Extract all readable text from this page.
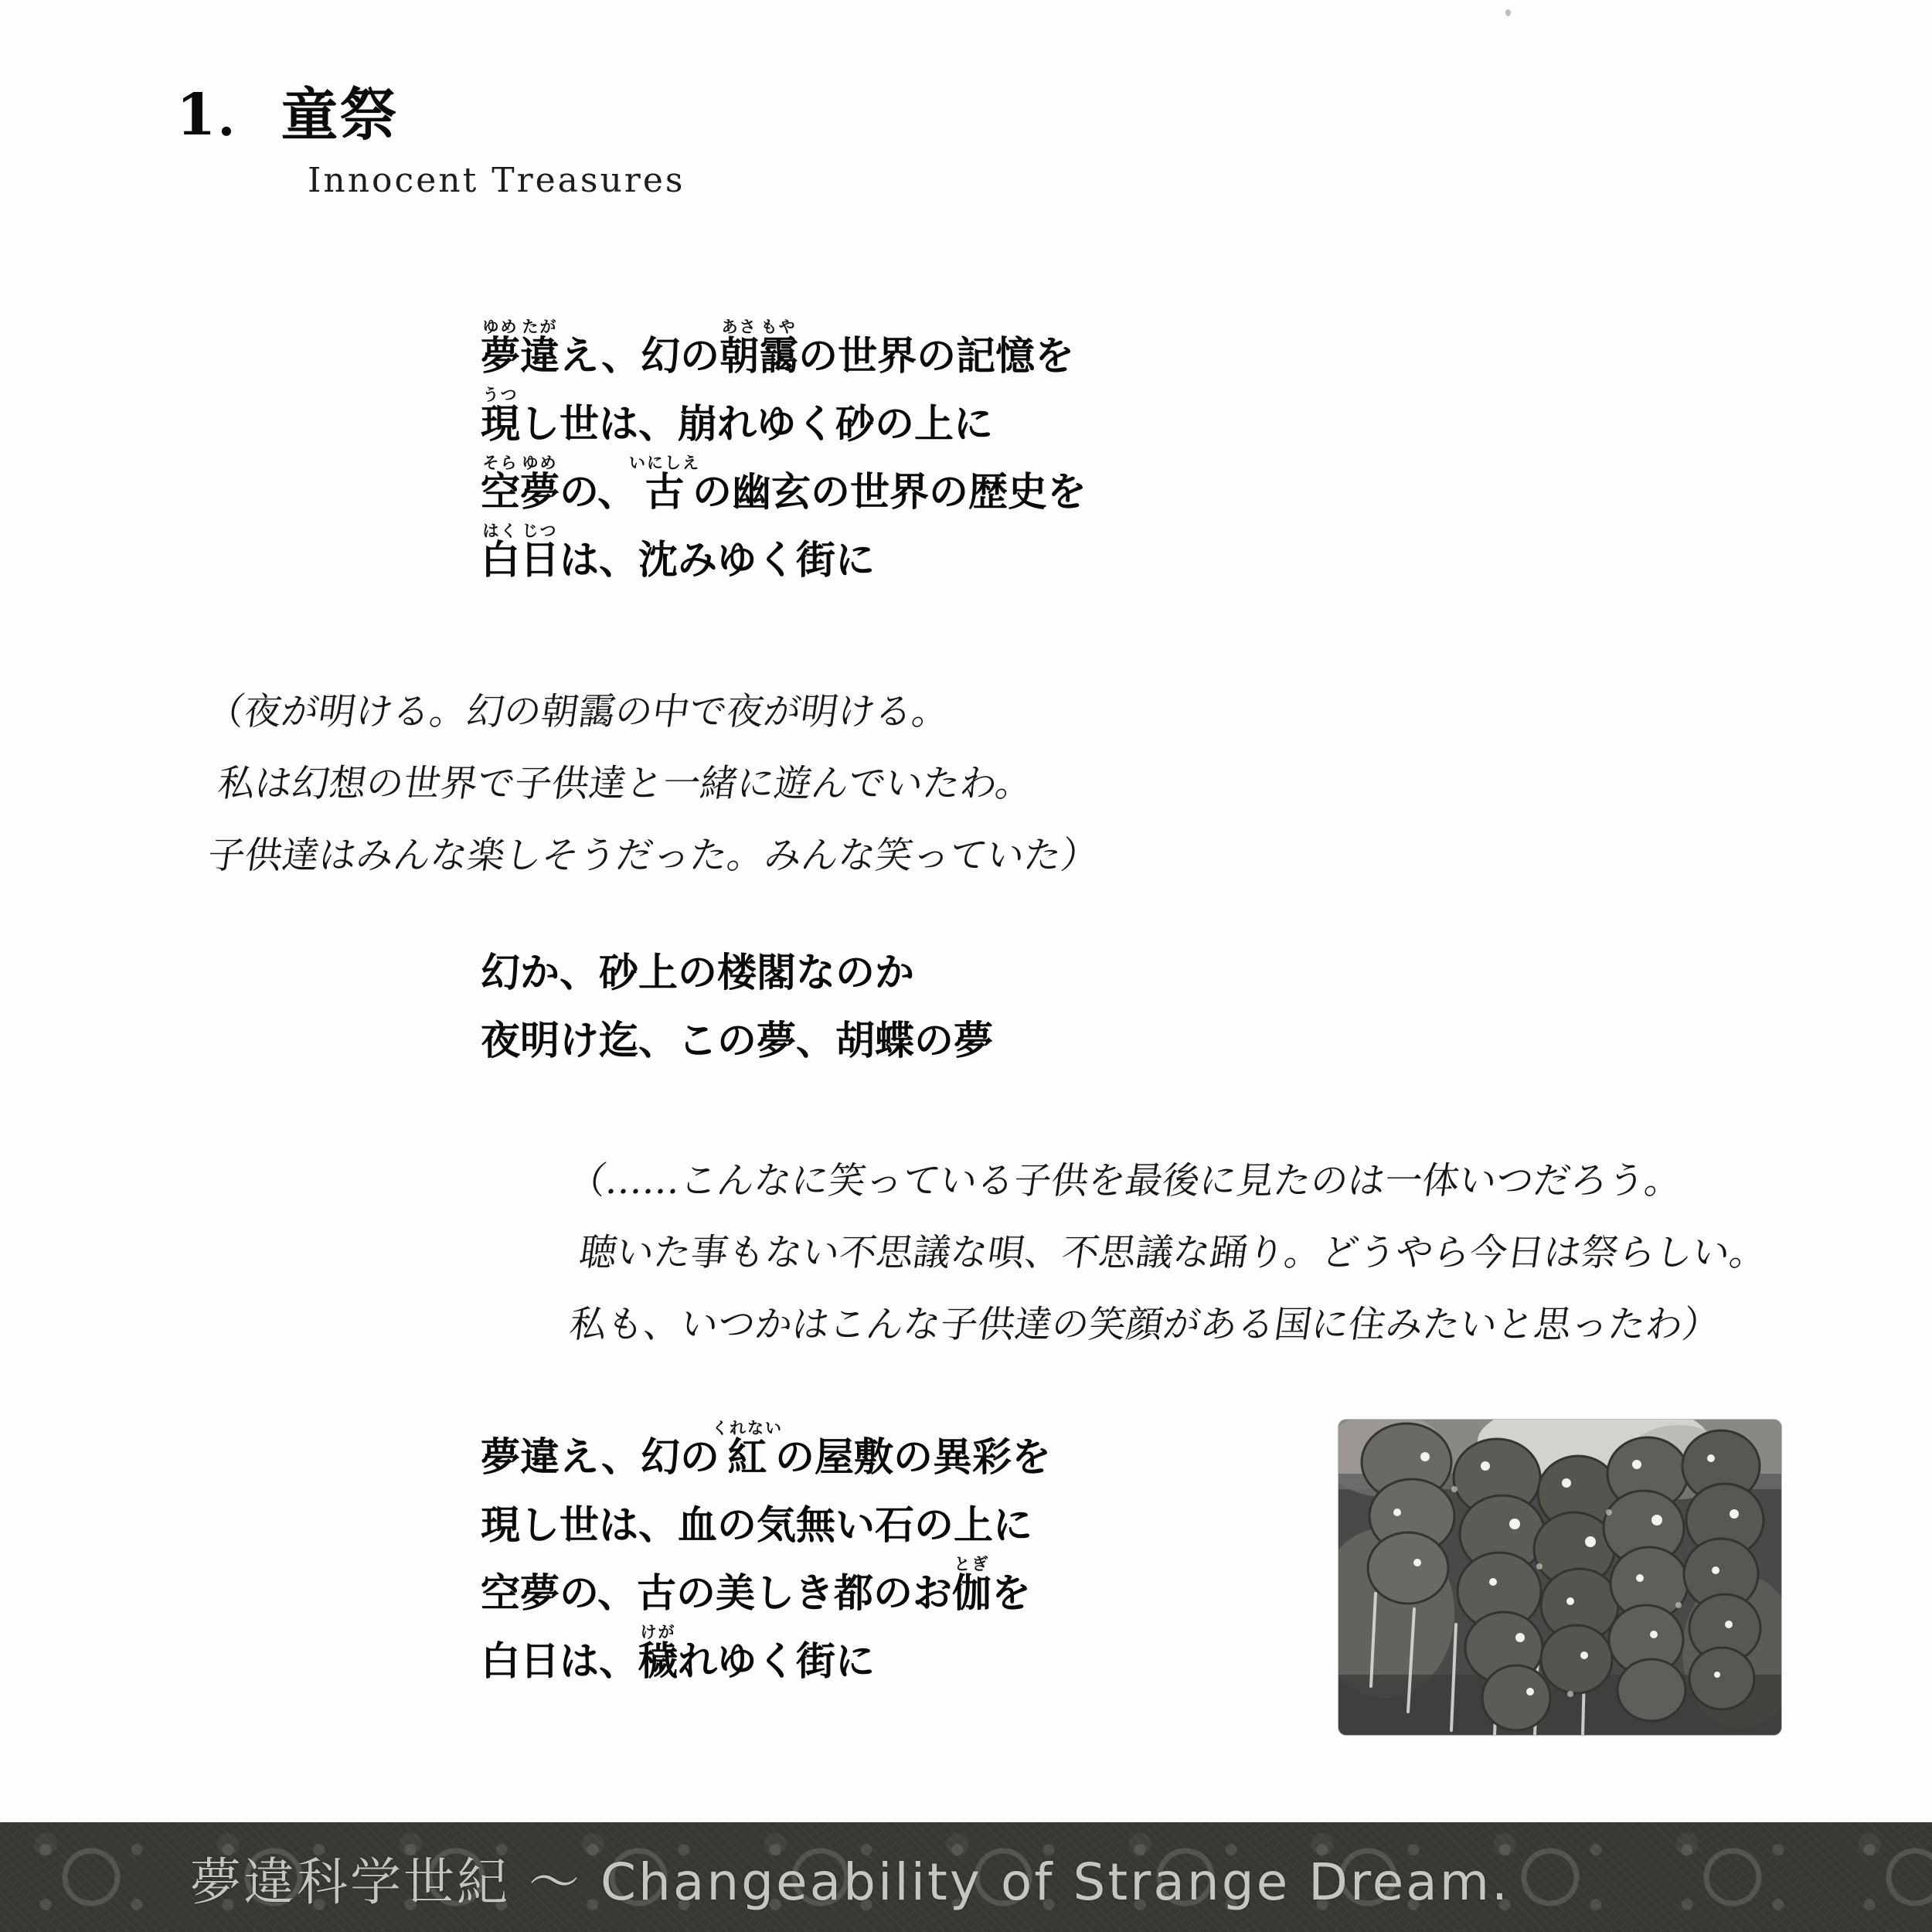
1．童祭
Innocent Treasures
夢ゆめ違たがえ、幻の朝あさ靄もやの世界の記憶を
現うつし世は、崩れゆく砂の上に
空そら夢ゆめの、古いにしえの幽玄の世界の歴史を
白はく日じつは、沈みゆく街に
（夜が明ける。幻の朝靄の中で夜が明ける。
私は幻想の世界で子供達と一緒に遊んでいたわ。
子供達はみんな楽しそうだった。みんな笑っていた）
幻か、砂上の楼閣なのか
夜明け迄、この夢、胡蝶の夢
（……こんなに笑っている子供を最後に見たのは一体いつだろう。
聴いた事もない不思議な唄、不思議な踊り。どうやら今日は祭らしい。
私も、いつかはこんな子供達の笑顔がある国に住みたいと思ったわ）
夢違え、幻の紅くれないの屋敷の異彩を
現し世は、血の気無い石の上に
空夢の、古の美しき都のお伽とぎを
白日は、穢けがれゆく街に
夢違科学世紀 ～ Changeability of Strange Dream.
